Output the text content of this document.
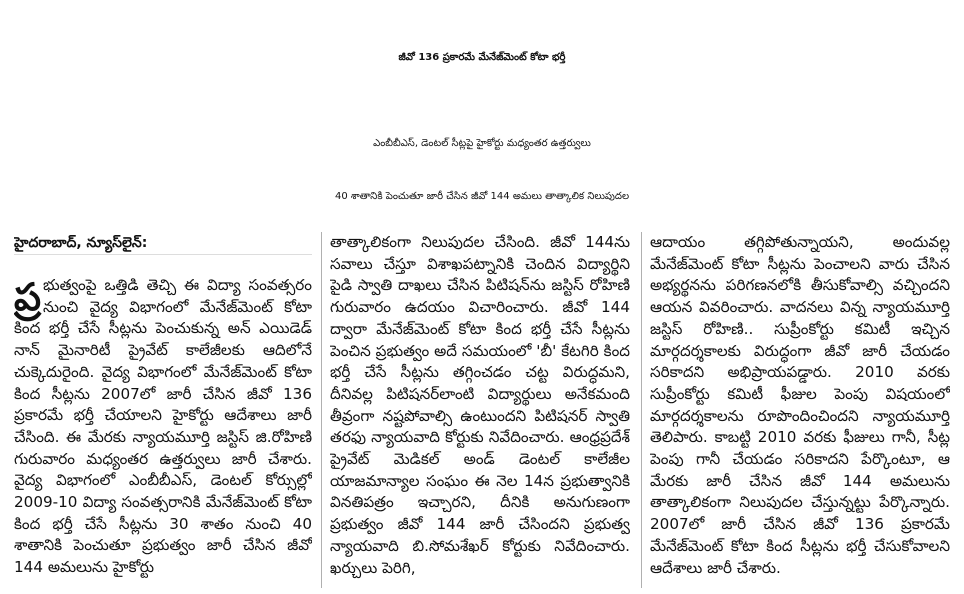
జీవో 136 ప్రకారమే మేనేజ్‌మెంట్ కోటా భర్తీ
ఎంబీబీఎస్, డెంటల్ సీట్లపై హైకోర్టు మధ్యంతర ఉత్తర్వులు
40 శాతానికి పెంచుతూ జారీ చేసిన జీవో 144 అమలు తాత్కాలిక నిలుపుదల
హైదరాబాద్, న్యూస్‌లైన్:
ప్ర భుత్వంపై ఒత్తిడి తెచ్చి ఈ విద్యా సంవత్సరం నుంచి వైద్య విభాగంలో మేనేజ్‌మెంట్ కోటా కింద భర్తీ చేసే సీట్లను పెంచుకున్న అన్ ఎయిడెడ్ నాన్ మైనారిటీ ప్రైవేట్ కాలేజీలకు ఆదిలోనే చుక్కెదురైంది. వైద్య విభాగంలో మేనేజ్‌మెంట్ కోటా కింద సీట్లను 2007లో జారీ చేసిన జీవో 136 ప్రకారమే భర్తీ చేయాలని హైకోర్టు ఆదేశాలు జారీ చేసింది. ఈ మేరకు న్యాయమూర్తి జస్టిస్ జి.రోహిణి గురువారం మధ్యంతర ఉత్తర్వులు జారీ చేశారు. వైద్య విభాగంలో ఎంబీబీఎస్, డెంటల్ కోర్సుల్లో 2009-10 విద్యా సంవత్సరానికి మేనేజ్‌మెంట్ కోటా కింద భర్తీ చేసే సీట్లను 30 శాతం నుంచి 40 శాతానికి పెంచుతూ ప్రభుత్వం జారీ చేసిన జీవో 144 అమలును హైకోర్టు
తాత్కాలికంగా నిలుపుదల చేసింది. జీవో 144ను సవాలు చేస్తూ విశాఖపట్నానికి చెందిన విద్యార్థిని పైడి స్వాతి దాఖలు చేసిన పిటిషన్‌ను జస్టిస్ రోహిణి గురువారం ఉదయం విచారించారు. జీవో 144 ద్వారా మేనేజ్‌మెంట్ కోటా కింద భర్తీ చేసే సీట్లను పెంచిన ప్రభుత్వం అదే సమయంలో 'బీ' కేటగిరి కింద భర్తీ చేసే సీట్లను తగ్గించడం చట్ట విరుద్ధమని, దీనివల్ల పిటిషనర్‌లాంటి విద్యార్థులు అనేకమంది తీవ్రంగా నష్టపోవాల్సి ఉంటుందని పిటిషనర్ స్వాతి తరఫు న్యాయవాది కోర్టుకు నివేదించారు. ఆంధ్రప్రదేశ్ ప్రైవేట్ మెడికల్ అండ్ డెంటల్ కాలేజీల యాజమాన్యాల సంఘం ఈ నెల 14న ప్రభుత్వానికి వినతిపత్రం ఇచ్చారని, దీనికి అనుగుణంగా ప్రభుత్వం జీవో 144 జారీ చేసిందని ప్రభుత్వ న్యాయవాది బి.సోమశేఖర్ కోర్టుకు నివేదించారు. ఖర్చులు పెరిగి,
ఆదాయం తగ్గిపోతున్నాయని, అందువల్ల మేనేజ్‌మెంట్ కోటా సీట్లను పెంచాలని వారు చేసిన అభ్యర్థనను పరిగణనలోకి తీసుకోవాల్సి వచ్చిందని ఆయన వివరించారు. వాదనలు విన్న న్యాయమూర్తి జస్టిస్ రోహిణి.. సుప్రీంకోర్టు కమిటీ ఇచ్చిన మార్గదర్శకాలకు విరుద్ధంగా జీవో జారీ చేయడం సరికాదని అభిప్రాయపడ్డారు. 2010 వరకు సుప్రీంకోర్టు కమిటీ ఫీజుల పెంపు విషయంలో మార్గదర్శకాలను రూపొందించిందని న్యాయమూర్తి తెలిపారు. కాబట్టి 2010 వరకు ఫీజులు గానీ, సీట్ల పెంపు గానీ చేయడం సరికాదని పేర్కొంటూ, ఆ మేరకు జారీ చేసిన జీవో 144 అమలును తాత్కాలికంగా నిలుపుదల చేస్తున్నట్టు పేర్కొన్నారు. 2007లో జారీ చేసిన జీవో 136 ప్రకారమే మేనేజ్‌మెంట్ కోటా కింద సీట్లను భర్తీ చేసుకోవాలని ఆదేశాలు జారీ చేశారు.
